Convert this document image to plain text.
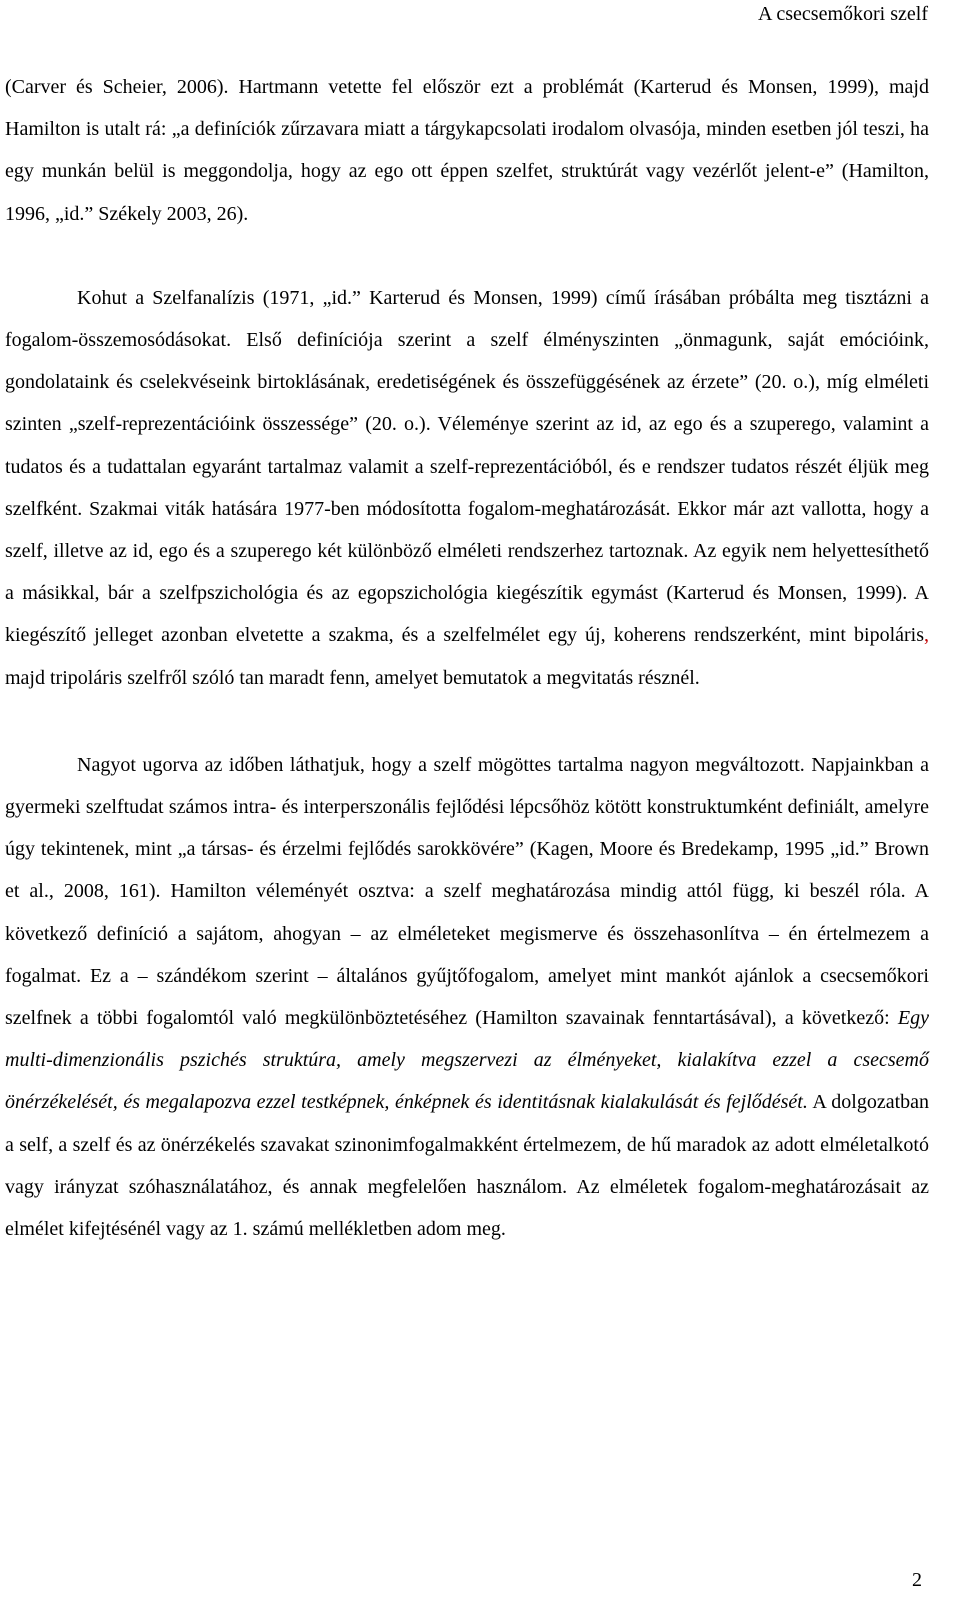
A csecsemőkori szelf

(Carver és Scheier, 2006). Hartmann vetette fel először ezt a problémát (Karterud és Monsen, 1999), majd Hamilton is utalt rá: „a definíciók zűrzavara miatt a tárgykapcsolati irodalom olvasója, minden esetben jól teszi, ha egy munkán belül is meggondolja, hogy az ego ott éppen szelfet, struktúrát vagy vezérlőt jelent-e” (Hamilton, 1996, „id.” Székely 2003, 26).

Kohut a Szelfanalízis (1971, „id.” Karterud és Monsen, 1999) című írásában próbálta meg tisztázni a fogalom-összemosódásokat. Első definíciója szerint a szelf élményszinten „önmagunk, saját emócióink, gondolataink és cselekvéseink birtoklásának, eredetiségének és összefüggésének az érzete” (20. o.), míg elméleti szinten „szelf-reprezentációink összessége” (20. o.). Véleménye szerint az id, az ego és a szuperego, valamint a tudatos és a tudattalan egyaránt tartalmaz valamit a szelf-reprezentációból, és e rendszer tudatos részét éljük meg szelfként. Szakmai viták hatására 1977-ben módosította fogalom-meghatározását. Ekkor már azt vallotta, hogy a szelf, illetve az id, ego és a szuperego két különböző elméleti rendszerhez tartoznak. Az egyik nem helyettesíthető a másikkal, bár a szelfpszichológia és az egopszichológia kiegészítik egymást (Karterud és Monsen, 1999). A kiegészítő jelleget azonban elvetette a szakma, és a szelfelmélet egy új, koherens rendszerként, mint bipoláris, majd tripoláris szelfről szóló tan maradt fenn, amelyet bemutatok a megvitatás résznél.

Nagyot ugorva az időben láthatjuk, hogy a szelf mögöttes tartalma nagyon megváltozott. Napjainkban a gyermeki szelftudat számos intra- és interperszonális fejlődési lépcsőhöz kötött konstruktumként definiált, amelyre úgy tekintenek, mint „a társas- és érzelmi fejlődés sarokkövére” (Kagen, Moore és Bredekamp, 1995 „id.” Brown et al., 2008, 161). Hamilton véleményét osztva: a szelf meghatározása mindig attól függ, ki beszél róla. A következő definíció a sajátom, ahogyan – az elméleteket megismerve és összehasonlítva – én értelmezem a fogalmat. Ez a – szándékom szerint – általános gyűjtőfogalom, amelyet mint mankót ajánlok a csecsemőkori szelfnek a többi fogalomtól való megkülönböztetéséhez (Hamilton szavainak fenntartásával), a következő: Egy multi-dimenzionális pszichés struktúra, amely megszervezi az élményeket, kialakítva ezzel a csecsemő önérzékelését, és megalapozva ezzel testképnek, énképnek és identitásnak kialakulását és fejlődését. A dolgozatban a self, a szelf és az önérzékelés szavakat szinonimfogalmakként értelmezem, de hű maradok az adott elméletalkotó vagy irányzat szóhasználatához, és annak megfelelően használom. Az elméletek fogalom-meghatározásait az elmélet kifejtésénél vagy az 1. számú mellékletben adom meg.

2
